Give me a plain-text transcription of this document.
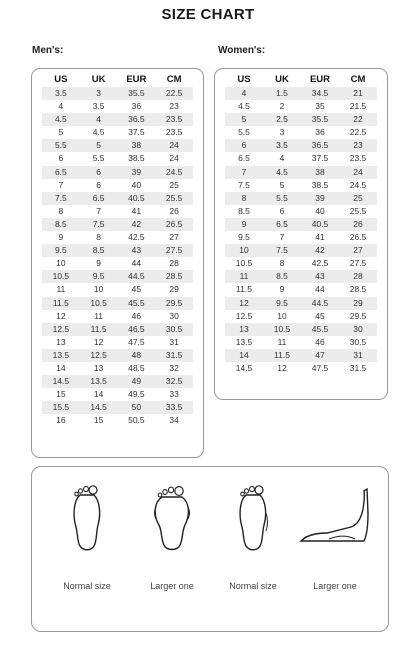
SIZE CHART
Men's:	Women's:
US	UK	EUR	CM
3.5	3	35.5	22.5
4	3.5	36	23
4.5	4	36.5	23.5
5	4.5	37.5	23.5
5.5	5	38	24
6	5.5	38.5	24
6.5	6	39	24.5
7	6	40	25
7.5	6.5	40.5	25.5
8	7	41	26
8.5	7.5	42	26.5
9	8	42.5	27
9.5	8.5	43	27.5
10	9	44	28
10.5	9.5	44.5	28.5
11	10	45	29
11.5	10.5	45.5	29.5
12	11	46	30
12.5	11.5	46.5	30.5
13	12	47.5	31
13.5	12.5	48	31.5
14	13	48.5	32
14.5	13.5	49	32.5
15	14	49.5	33
15.5	14.5	50	33.5
16	15	50.5	34
US	UK	EUR	CM
4	1.5	34.5	21
4.5	2	35	21.5
5	2.5	35.5	22
5.5	3	36	22.5
6	3.5	36.5	23
6.5	4	37.5	23.5
7	4.5	38	24
7.5	5	38.5	24.5
8	5.5	39	25
8.5	6	40	25.5
9	6.5	40.5	26
9.5	7	41	26.5
10	7.5	42	27
10.5	8	42.5	27.5
11	8.5	43	28
11.5	9	44	28.5
12	9.5	44.5	29
12.5	10	45	29.5
13	10.5	45.5	30
13.5	11	46	30.5
14	11.5	47	31
14.5	12	47.5	31.5
Normal size	Larger one	Normal size	Larger one
